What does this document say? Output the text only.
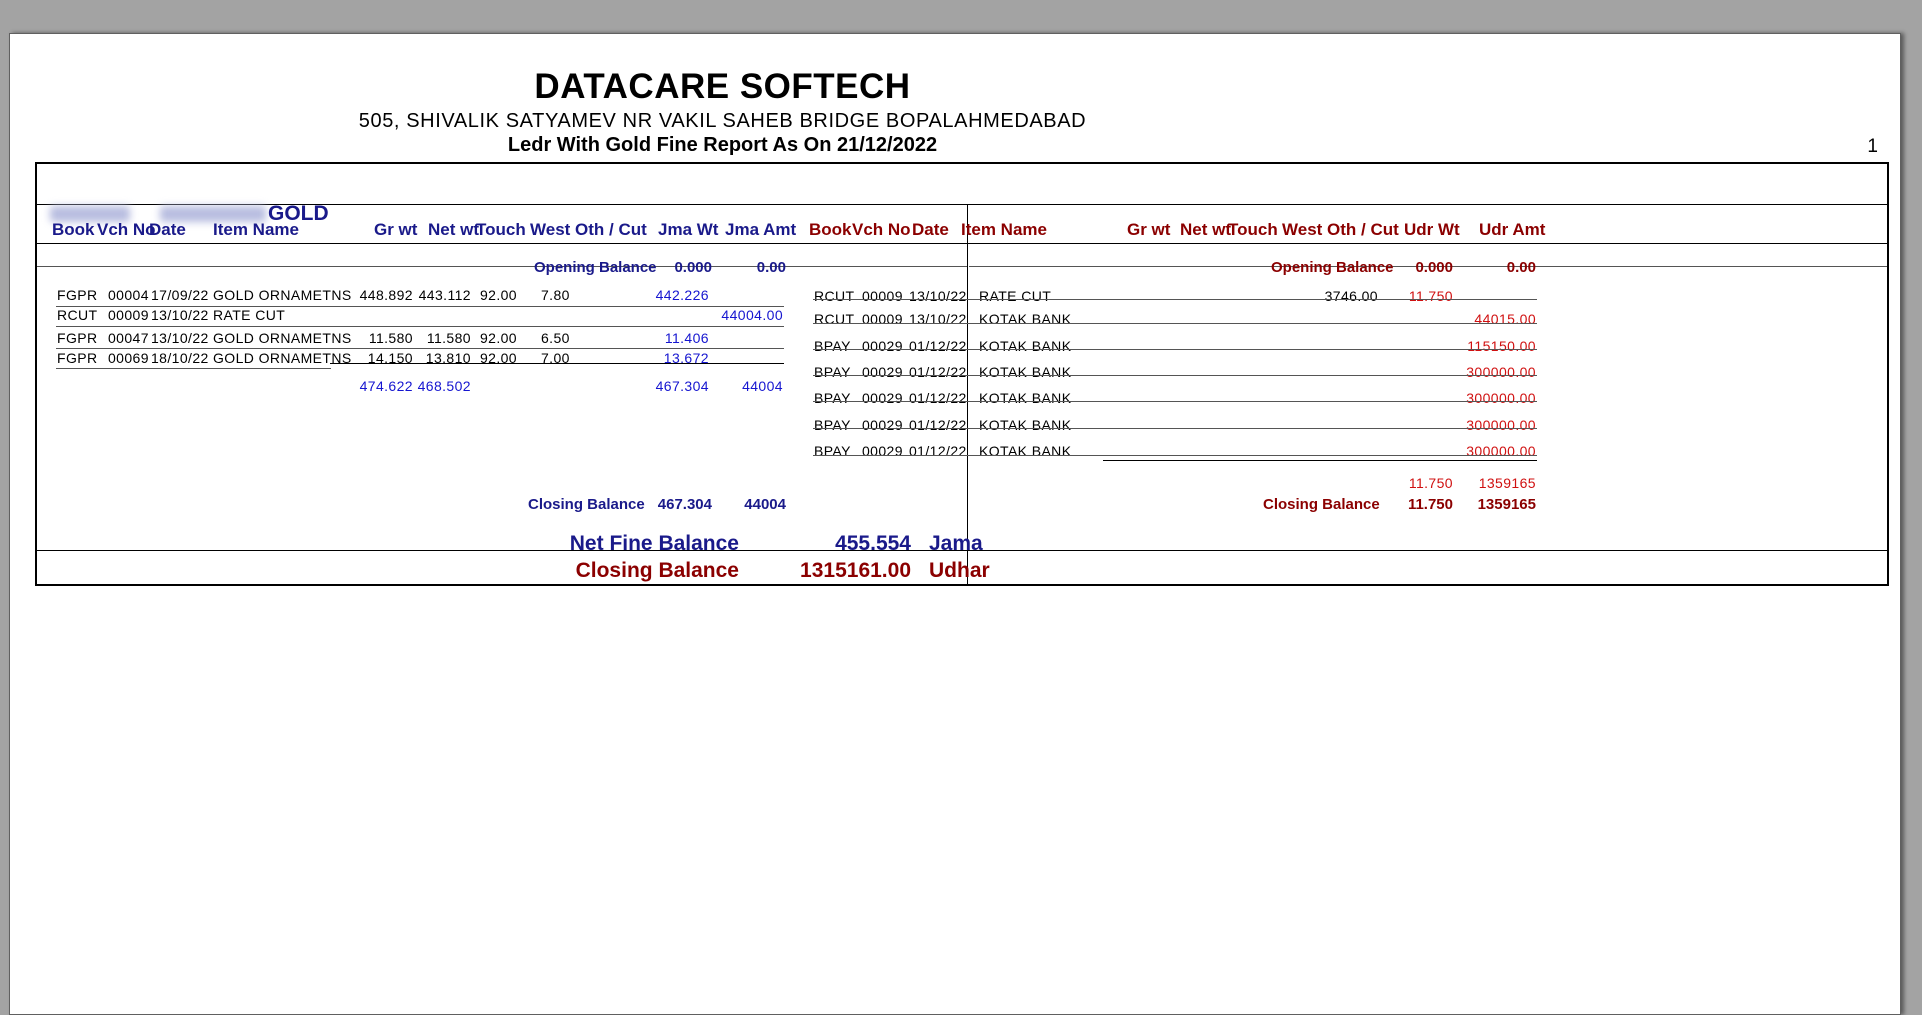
DATACARE SOFTECH
505, SHIVALIK SATYAMEV NR VAKIL SAHEB BRIDGE BOPALAHMEDABAD
Ledr With Gold Fine Report As On 21/12/2022	1
GOLD
Book Vch No
Date Item Name	Gr wt Net wt
Touch West Oth / Cut Jma Wt Jma Amt Book Vch No Date Item Name	Gr wt Net wt
Touch West Oth / Cut Udr Wt Udr Amt
Opening Balance	0.000	0.00	Opening Balance	0.000	0.00
FGPR 00004 17/09/22 GOLD ORNAMETNS 448.892 443.112 92.00 7.80	442.226
RCUT 00009 13/10/22 RATE CUT	44004.00
FGPR 00047 13/10/22 GOLD ORNAMETNS	11.580 11.580 92.00 6.50	11.406
FGPR 00069 18/10/22 GOLD ORNAMETNS	14.150 13.810 92.00 7.00	13.672
474.622 468.502	467.304	44004
RCUT 00009 13/10/22 RATE CUT	3746.00	11.750
RCUT 00009 13/10/22 KOTAK BANK	44015.00
BPAY 00029 01/12/22 KOTAK BANK	115150.00
BPAY 00029 01/12/22 KOTAK BANK	300000.00
BPAY 00029 01/12/22 KOTAK BANK	300000.00
BPAY 00029 01/12/22 KOTAK BANK	300000.00
BPAY 00029 01/12/22 KOTAK BANK	300000.00
11.750	1359165
Closing Balance 467.304	44004	Closing Balance	11.750	1359165
Net Fine Balance	455.554 Jama
Closing Balance	1315161.00 Udhar
